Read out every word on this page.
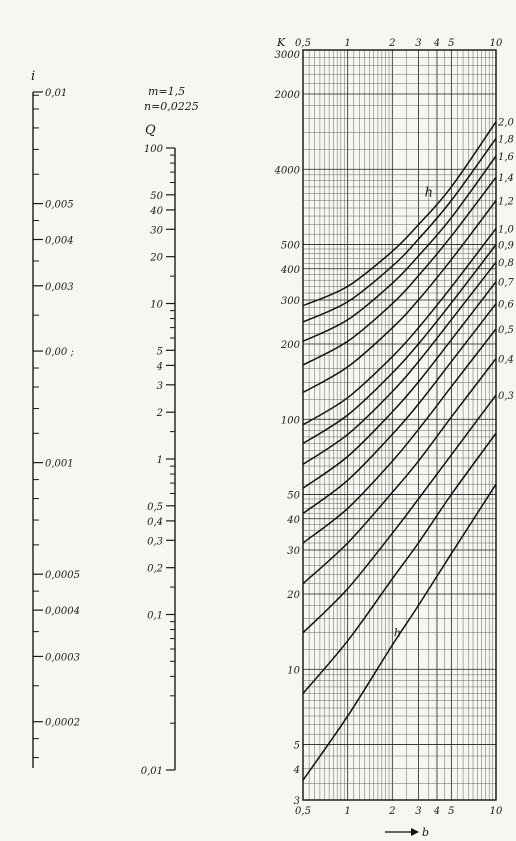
i
0,01
0,005
0,004
0,003
0,00 ;
0,001
0,0005
0,0004
0,0003
0,0002
Q
100
50
40
30
20
10
5
4
3
2
1
0,5
0,4
0,3
0,2
0,1
0,01
m=1,5
n=0,0225
0,5
0,5
1
1
2
2
3
3
4
4
5
5
10
10
3000
2000
4000
500
400
300
200
100
50
40
30
20
10
5
4
3
K
b
2,0
1,8
1,6
1,4
1,2
1,0
0,9
0,8
0,7
0,6
0,5
0,4
0,3
h
h
